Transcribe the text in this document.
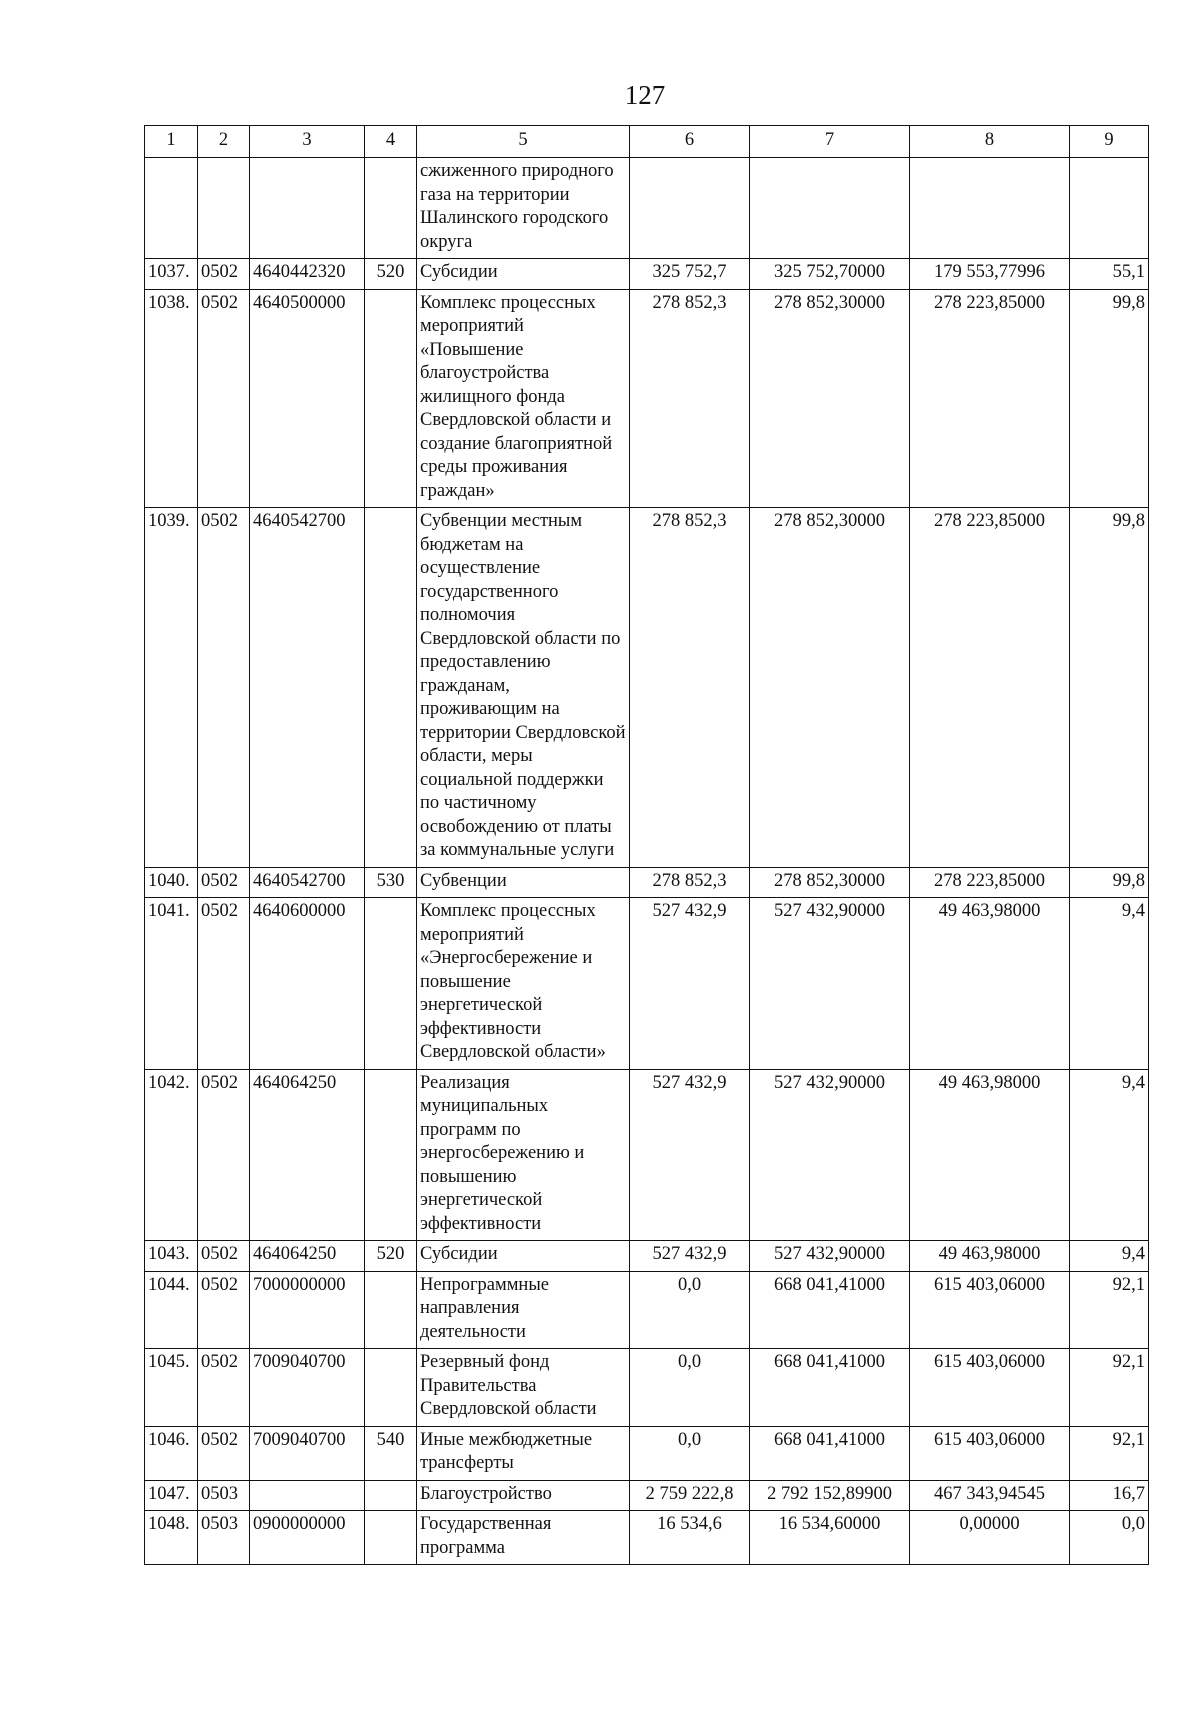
127
1	2	3	4	5	6	7	8	9
				сжиженного природного газа на территории Шалинского городского округа				
1037.	0502	4640442320	520	Субсидии	325 752,7	325 752,70000	179 553,77996	55,1
1038.	0502	4640500000		Комплекс процессных мероприятий «Повышение благоустройства жилищного фонда Свердловской области и создание благоприятной среды проживания граждан»	278 852,3	278 852,30000	278 223,85000	99,8
1039.	0502	4640542700		Субвенции местным бюджетам на осуществление государственного полномочия Свердловской области по предоставлению гражданам, проживающим на территории Свердловской области, меры социальной поддержки по частичному освобождению от платы за коммунальные услуги	278 852,3	278 852,30000	278 223,85000	99,8
1040.	0502	4640542700	530	Субвенции	278 852,3	278 852,30000	278 223,85000	99,8
1041.	0502	4640600000		Комплекс процессных мероприятий «Энергосбережение и повышение энергетической эффективности Свердловской области»	527 432,9	527 432,90000	49 463,98000	9,4
1042.	0502	464064250		Реализация муниципальных программ по энергосбережению и повышению энергетической эффективности	527 432,9	527 432,90000	49 463,98000	9,4
1043.	0502	464064250	520	Субсидии	527 432,9	527 432,90000	49 463,98000	9,4
1044.	0502	7000000000		Непрограммные направления деятельности	0,0	668 041,41000	615 403,06000	92,1
1045.	0502	7009040700		Резервный фонд Правительства Свердловской области	0,0	668 041,41000	615 403,06000	92,1
1046.	0502	7009040700	540	Иные межбюджетные трансферты	0,0	668 041,41000	615 403,06000	92,1
1047.	0503			Благоустройство	2 759 222,8	2 792 152,89900	467 343,94545	16,7
1048.	0503	0900000000		Государственная программа	16 534,6	16 534,60000	0,00000	0,0
